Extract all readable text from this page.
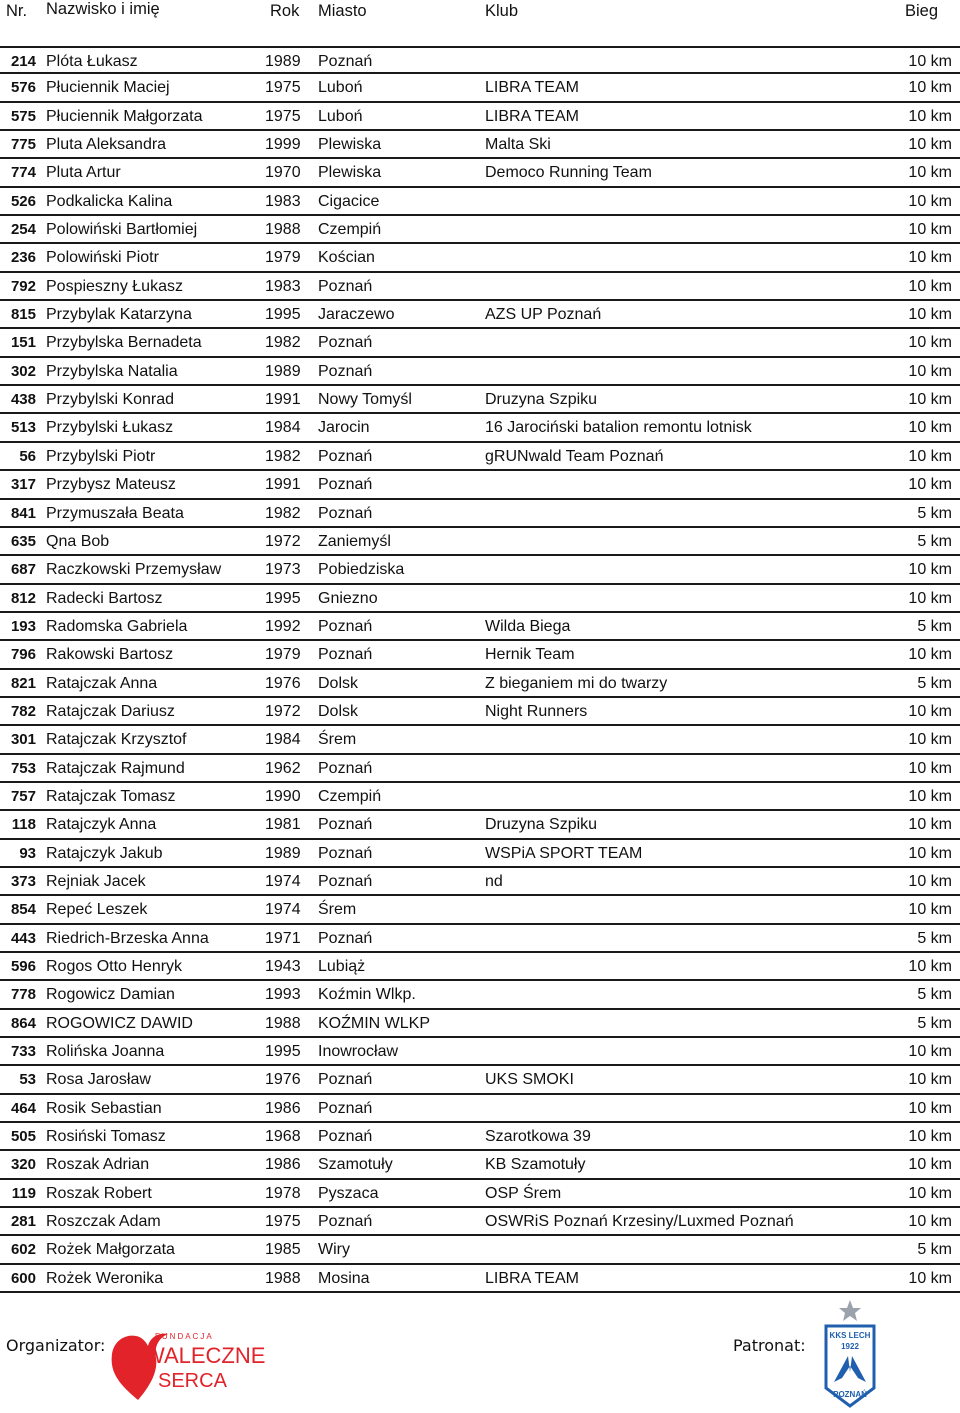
Nr. Nazwisko i imię	Rok Miasto	Klub	Bieg
214 Plóta Łukasz	1989 Poznań	10 km
576 Płuciennik Maciej	1975 Luboń	LIBRA TEAM	10 km
575 Płuciennik Małgorzata	1975 Luboń	LIBRA TEAM	10 km
775 Pluta Aleksandra	1999 Plewiska	Malta Ski	10 km
774 Pluta Artur	1970 Plewiska	Democo Running Team	10 km
526 Podkalicka Kalina	1983 Cigacice	10 km
254 Polowiński Bartłomiej	1988 Czempiń	10 km
236 Polowiński Piotr	1979 Kościan	10 km
792 Pospieszny Łukasz	1983 Poznań	10 km
815 Przybylak Katarzyna	1995 Jaraczewo	AZS UP Poznań	10 km
151 Przybylska Bernadeta	1982 Poznań	10 km
302 Przybylska Natalia	1989 Poznań	10 km
438 Przybylski Konrad	1991 Nowy Tomyśl	Druzyna Szpiku	10 km
513 Przybylski Łukasz	1984 Jarocin	16 Jarociński batalion remontu lotnisk	10 km
56 Przybylski Piotr	1982 Poznań	gRUNwald Team Poznań	10 km
317 Przybysz Mateusz	1991 Poznań	10 km
841 Przymuszała Beata	1982 Poznań	5 km
635 Qna Bob	1972 Zaniemyśl	5 km
687 Raczkowski Przemysław	1973 Pobiedziska	10 km
812 Radecki Bartosz	1995 Gniezno	10 km
193 Radomska Gabriela	1992 Poznań	Wilda Biega	5 km
796 Rakowski Bartosz	1979 Poznań	Hernik Team	10 km
821 Ratajczak Anna	1976 Dolsk	Z bieganiem mi do twarzy	5 km
782 Ratajczak Dariusz	1972 Dolsk	Night Runners	10 km
301 Ratajczak Krzysztof	1984 Śrem	10 km
753 Ratajczak Rajmund	1962 Poznań	10 km
757 Ratajczak Tomasz	1990 Czempiń	10 km
118 Ratajczyk Anna	1981 Poznań	Druzyna Szpiku	10 km
93 Ratajczyk Jakub	1989 Poznań	WSPiA SPORT TEAM	10 km
373 Rejniak Jacek	1974 Poznań	nd	10 km
854 Repeć Leszek	1974 Śrem	10 km
443 Riedrich-Brzeska Anna	1971 Poznań	5 km
596 Rogos Otto Henryk	1943 Lubiąż	10 km
778 Rogowicz Damian	1993 Koźmin Wlkp.	5 km
864 ROGOWICZ DAWID	1988 KOŹMIN WLKP	5 km
733 Rolińska Joanna	1995 Inowrocław	10 km
53 Rosa Jarosław	1976 Poznań	UKS SMOKI	10 km
464 Rosik Sebastian	1986 Poznań	10 km
505 Rosiński Tomasz	1968 Poznań	Szarotkowa 39	10 km
320 Roszak Adrian	1986 Szamotuły	KB Szamotuły	10 km
119 Roszak Robert	1978 Pyszaca	OSP Śrem	10 km
281 Roszczak Adam	1975 Poznań	OSWRiS Poznań Krzesiny/Luxmed Poznań	10 km
602 Rożek Małgorzata	1985 Wiry	5 km
600 Rożek Weronika	1988 Mosina	LIBRA TEAM	10 km
Organizator:	FUNDACJA
WALECZNE
SERCA
Patronat:
KKS LECH
1922
POZNAŃ
